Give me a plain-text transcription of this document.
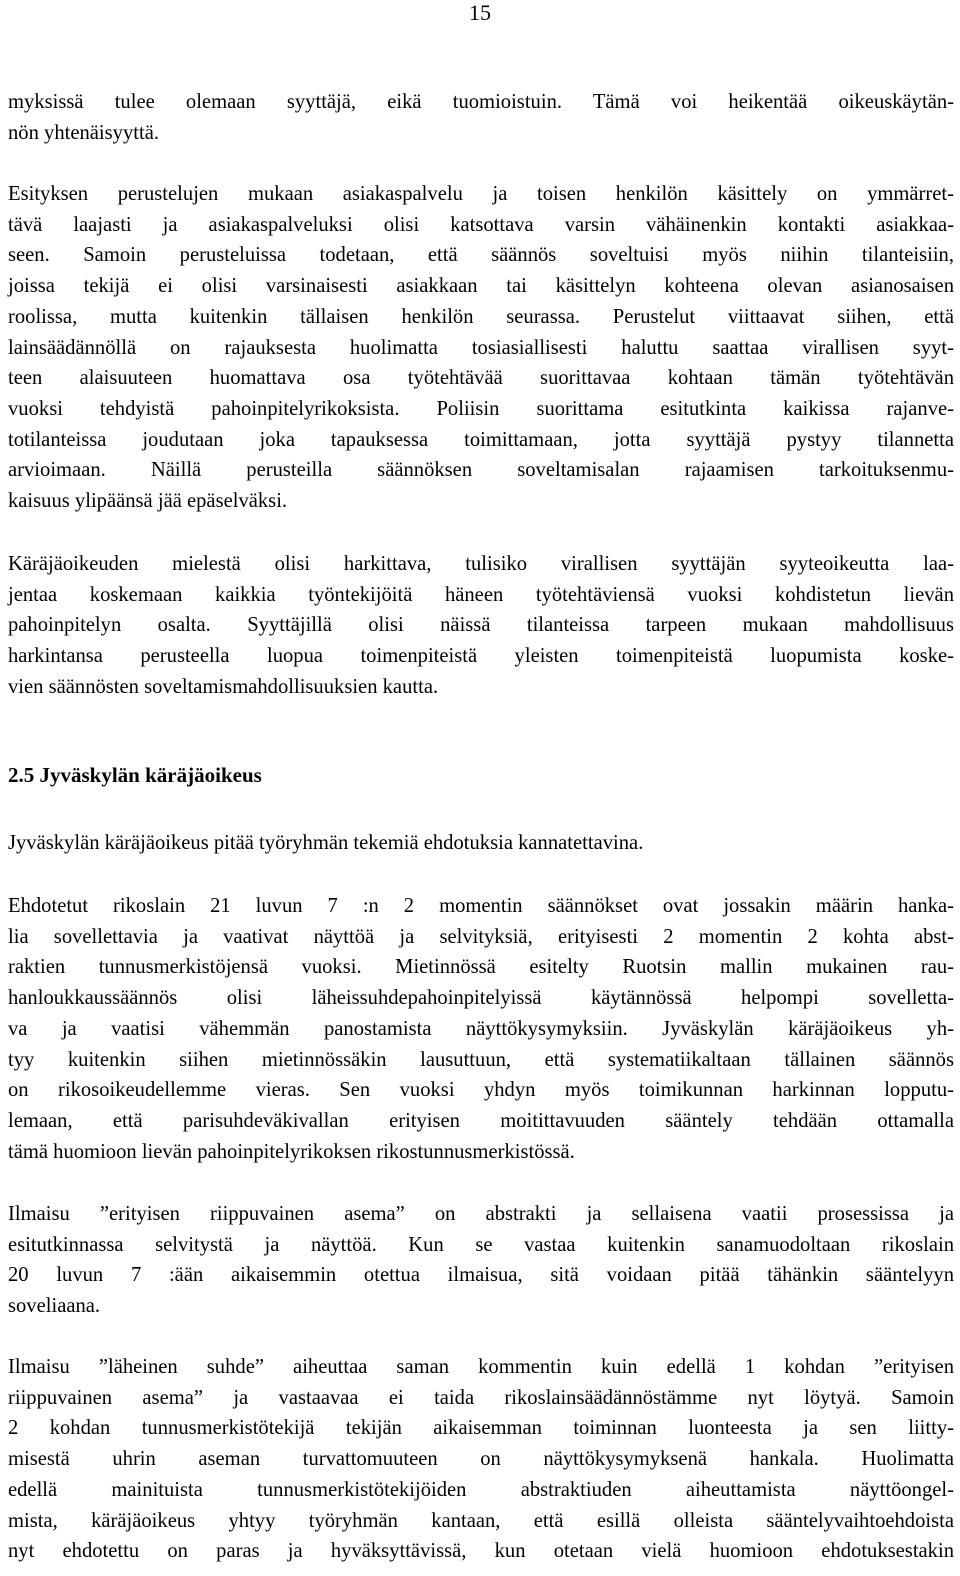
15

myksissä tulee olemaan syyttäjä, eikä tuomioistuin. Tämä voi heikentää oikeuskäytän-
nön yhtenäisyyttä.

Esityksen perustelujen mukaan asiakaspalvelu ja toisen henkilön käsittely on ymmärret-
tävä laajasti ja asiakaspalveluksi olisi katsottava varsin vähäinenkin kontakti asiakkaa-
seen. Samoin perusteluissa todetaan, että säännös soveltuisi myös niihin tilanteisiin,
joissa tekijä ei olisi varsinaisesti asiakkaan tai käsittelyn kohteena olevan asianosaisen
roolissa, mutta kuitenkin tällaisen henkilön seurassa. Perustelut viittaavat siihen, että
lainsäädännöllä on rajauksesta huolimatta tosiasiallisesti haluttu saattaa virallisen syyt-
teen alaisuuteen huomattava osa työtehtävää suorittavaa kohtaan tämän työtehtävän
vuoksi tehdyistä pahoinpitelyrikoksista. Poliisin suorittama esitutkinta kaikissa rajanve-
totilanteissa joudutaan joka tapauksessa toimittamaan, jotta syyttäjä pystyy tilannetta
arvioimaan. Näillä perusteilla säännöksen soveltamisalan rajaamisen tarkoituksenmu-
kaisuus ylipäänsä jää epäselväksi.

Käräjäoikeuden mielestä olisi harkittava, tulisiko virallisen syyttäjän syyteoikeutta laa-
jentaa koskemaan kaikkia työntekijöitä häneen työtehtäviensä vuoksi kohdistetun lievän
pahoinpitelyn osalta. Syyttäjillä olisi näissä tilanteissa tarpeen mukaan mahdollisuus
harkintansa perusteella luopua toimenpiteistä yleisten toimenpiteistä luopumista koske-
vien säännösten soveltamismahdollisuuksien kautta.

2.5 Jyväskylän käräjäoikeus

Jyväskylän käräjäoikeus pitää työryhmän tekemiä ehdotuksia kannatettavina.

Ehdotetut rikoslain 21 luvun 7 :n 2 momentin säännökset ovat jossakin määrin hanka-
lia sovellettavia ja vaativat näyttöä ja selvityksiä, erityisesti 2 momentin 2 kohta abst-
raktien tunnusmerkistöjensä vuoksi. Mietinnössä esitelty Ruotsin mallin mukainen rau-
hanloukkaussäännös olisi läheissuhdepahoinpitelyissä käytännössä helpompi sovelletta-
va ja vaatisi vähemmän panostamista näyttökysymyksiin. Jyväskylän käräjäoikeus yh-
tyy kuitenkin siihen mietinnössäkin lausuttuun, että systematiikaltaan tällainen säännös
on rikosoikeudellemme vieras. Sen vuoksi yhdyn myös toimikunnan harkinnan lopputu-
lemaan, että parisuhdeväkivallan erityisen moitittavuuden sääntely tehdään ottamalla
tämä huomioon lievän pahoinpitelyrikoksen rikostunnusmerkistössä.

Ilmaisu ”erityisen riippuvainen asema” on abstrakti ja sellaisena vaatii prosessissa ja
esitutkinnassa selvitystä ja näyttöä. Kun se vastaa kuitenkin sanamuodoltaan rikoslain
20 luvun 7 :ään aikaisemmin otettua ilmaisua, sitä voidaan pitää tähänkin sääntelyyn
soveliaana.

Ilmaisu ”läheinen suhde” aiheuttaa saman kommentin kuin edellä 1 kohdan ”erityisen
riippuvainen asema” ja vastaavaa ei taida rikoslainsäädännöstämme nyt löytyä. Samoin
2 kohdan tunnusmerkistötekijä tekijän aikaisemman toiminnan luonteesta ja sen liitty-
misestä uhrin aseman turvattomuuteen on näyttökysymyksenä hankala. Huolimatta
edellä mainituista tunnusmerkistötekijöiden abstraktiuden aiheuttamista näyttöongel-
mista, käräjäoikeus yhtyy työryhmän kantaan, että esillä olleista sääntelyvaihtoehdoista
nyt ehdotettu on paras ja hyväksyttävissä, kun otetaan vielä huomioon ehdotuksestakin
